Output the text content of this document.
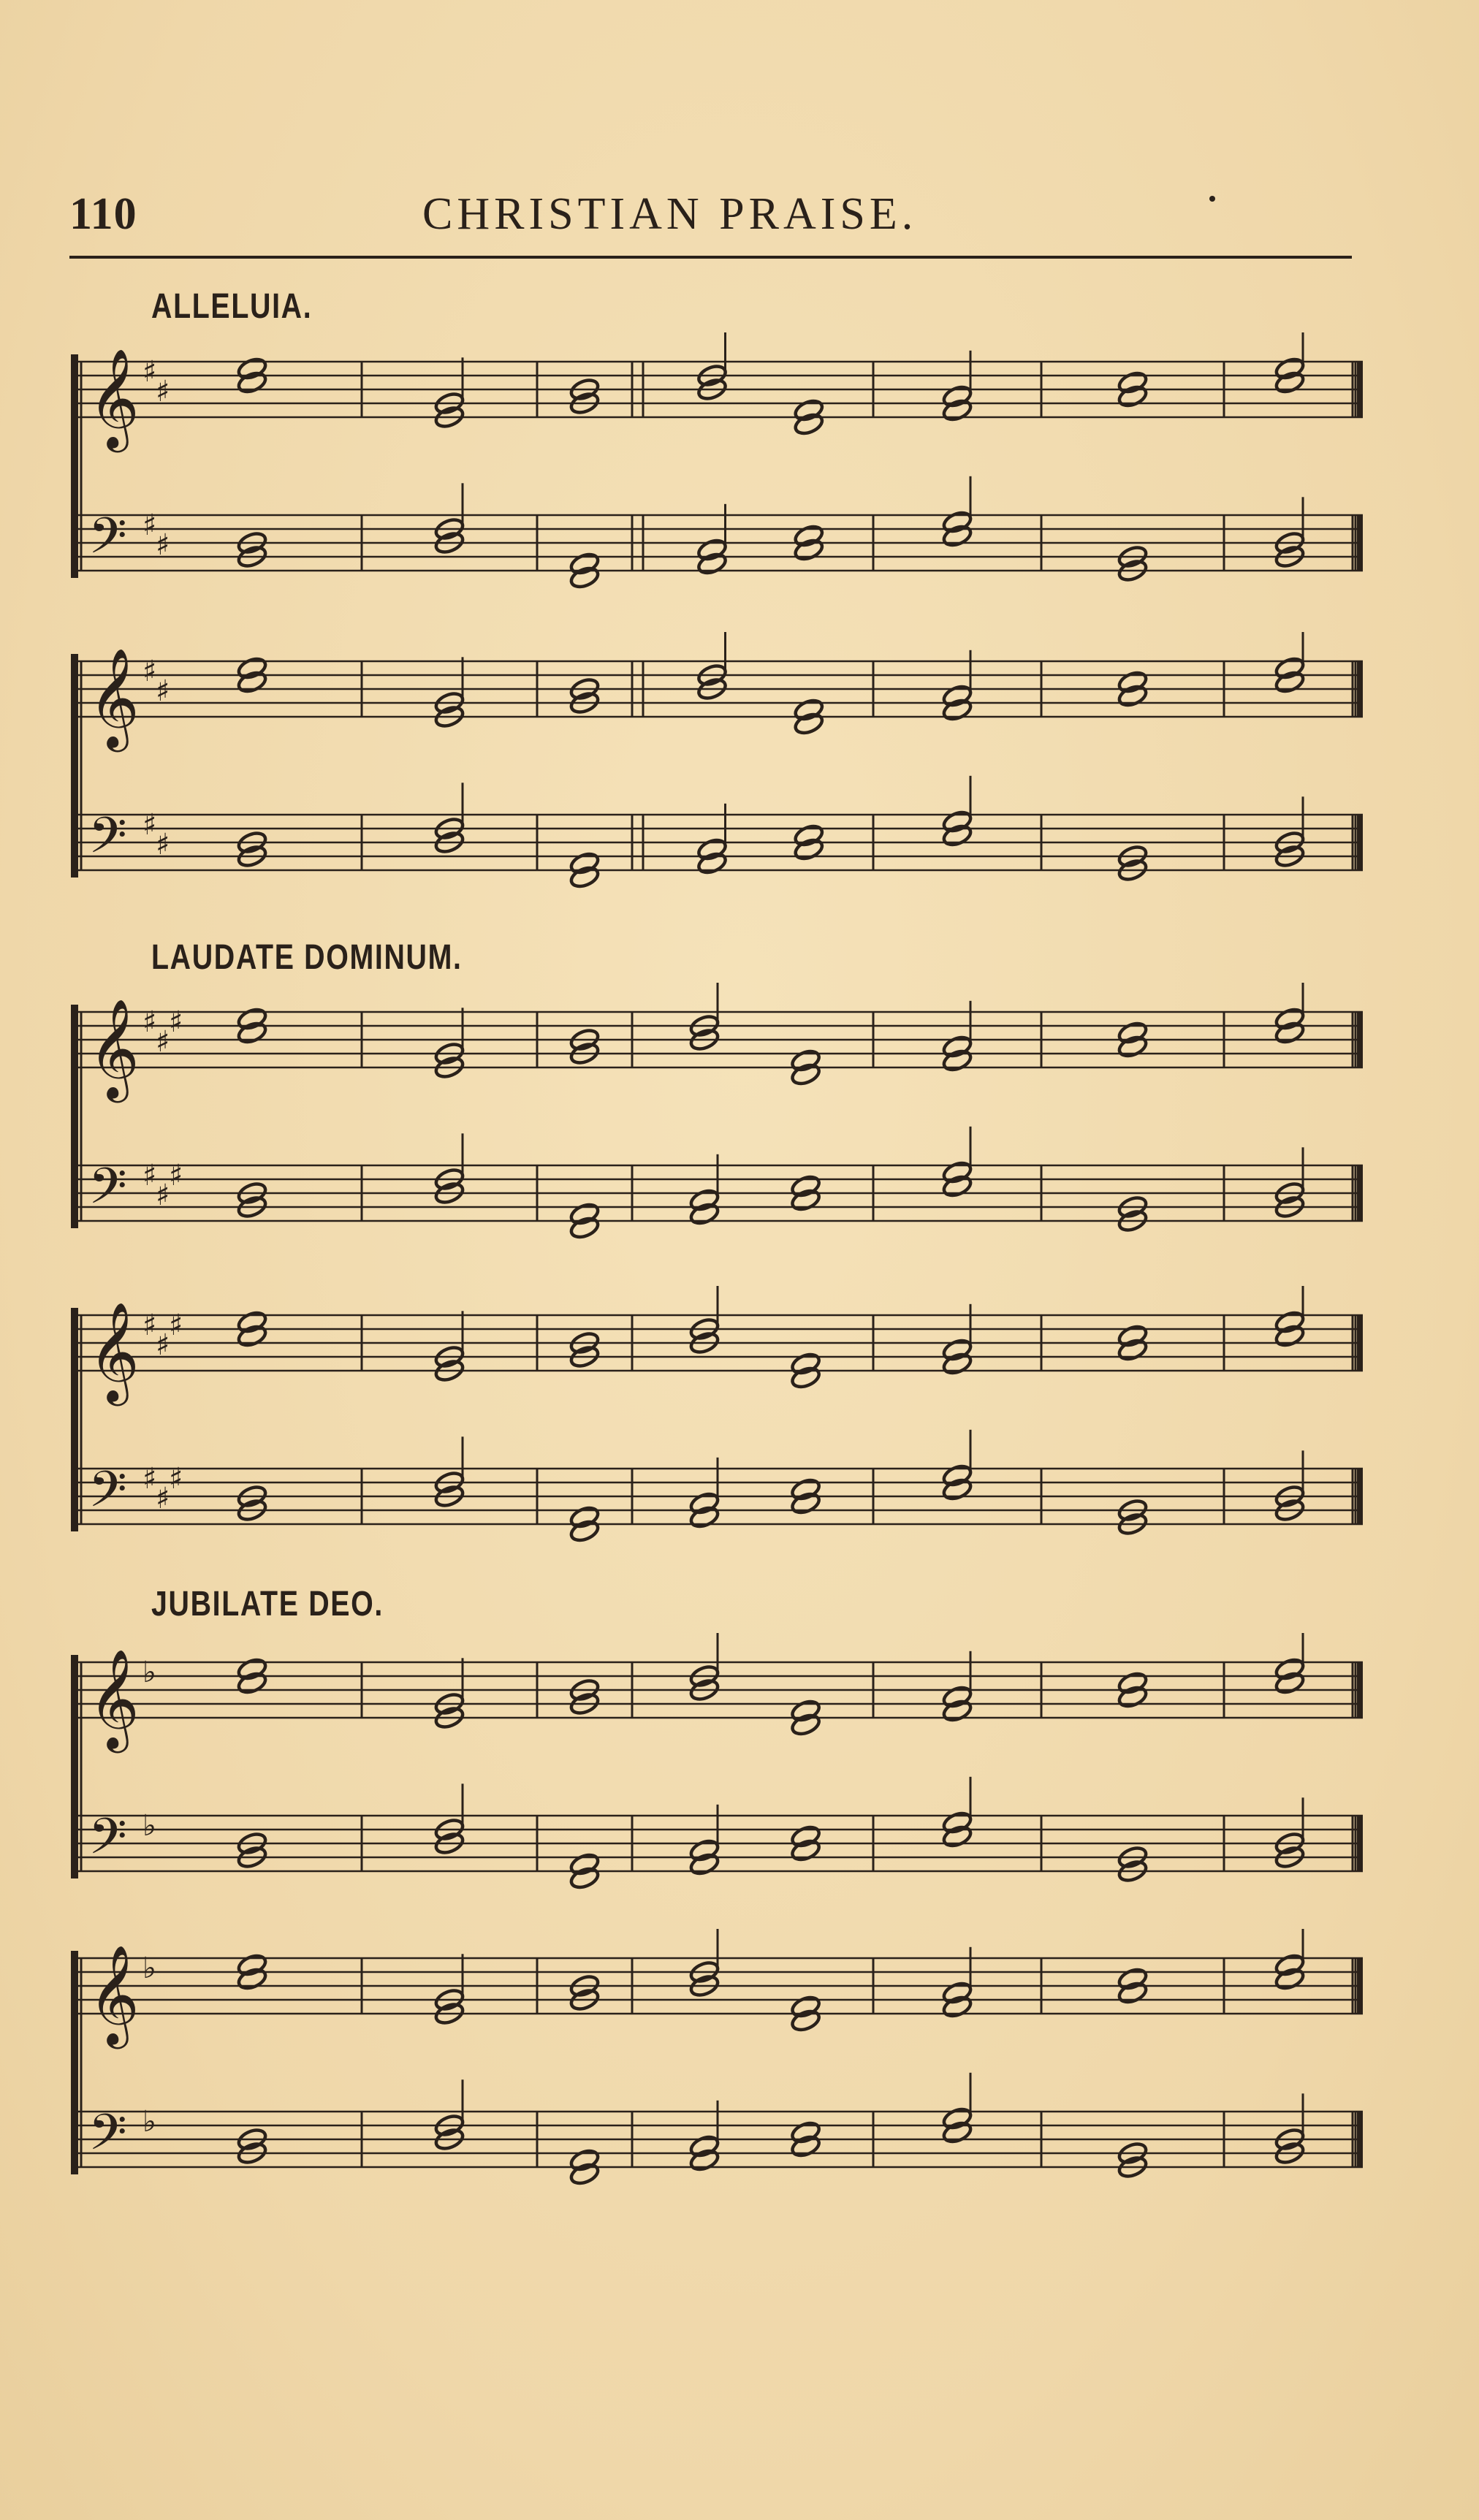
110	CHRISTIAN PRAISE.
ALLELUIA.
𝄞 ♯
♯
𝄢 ♯
♯
𝄞 ♯
♯
𝄢 ♯
♯
LAUDATE DOMINUM.
𝄞 ♯
♯
♯
𝄢 ♯
♯
♯
𝄞 ♯
♯
♯
𝄢 ♯
♯
♯
JUBILATE DEO.
𝄞 ♭
𝄢 ♭
𝄞 ♭
𝄢 ♭
